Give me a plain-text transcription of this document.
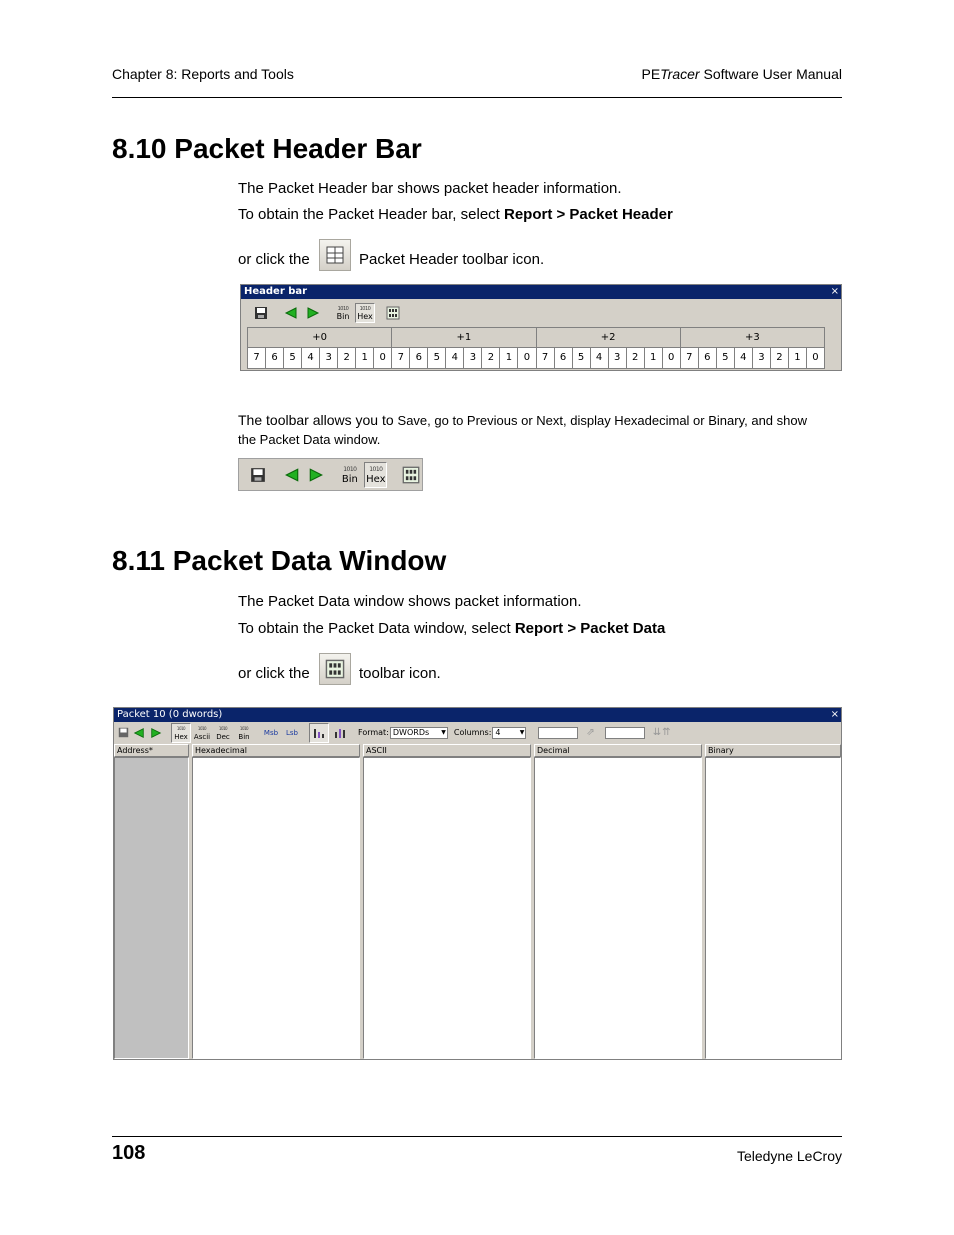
Chapter 8: Reports and Tools	PETracer Software User Manual
8.10 Packet Header Bar
The Packet Header bar shows packet header information.
To obtain the Packet Header bar, select Report > Packet Header
or click the	Packet Header toolbar icon.
Header bar	×
1010
Bin
1010
Hex
+0	+1	+2	+3
7	6	5	4	3	2	1	0	7	6	5	4	3	2	1	0	7	6	5	4	3	2	1	0	7	6	5	4	3	2	1	0
The toolbar allows you to Save, go to Previous or Next, display Hexadecimal or Binary, and show
the Packet Data window.
1010
Bin
1010
Hex
8.11 Packet Data Window
The Packet Data window shows packet information.
To obtain the Packet Data window, select Report > Packet Data
or click the	toolbar icon.
Packet 10 (0 dwords)	×
1010
Hex
1010
Ascii
1010
Dec
1010
Bin Msb Lsb	Format: DWORDs ▼ Columns: 4	▼	⇗	⇊ ⇈
Address*	Hexadecimal	ASCII	Decimal	Binary
108	Teledyne LeCroy
